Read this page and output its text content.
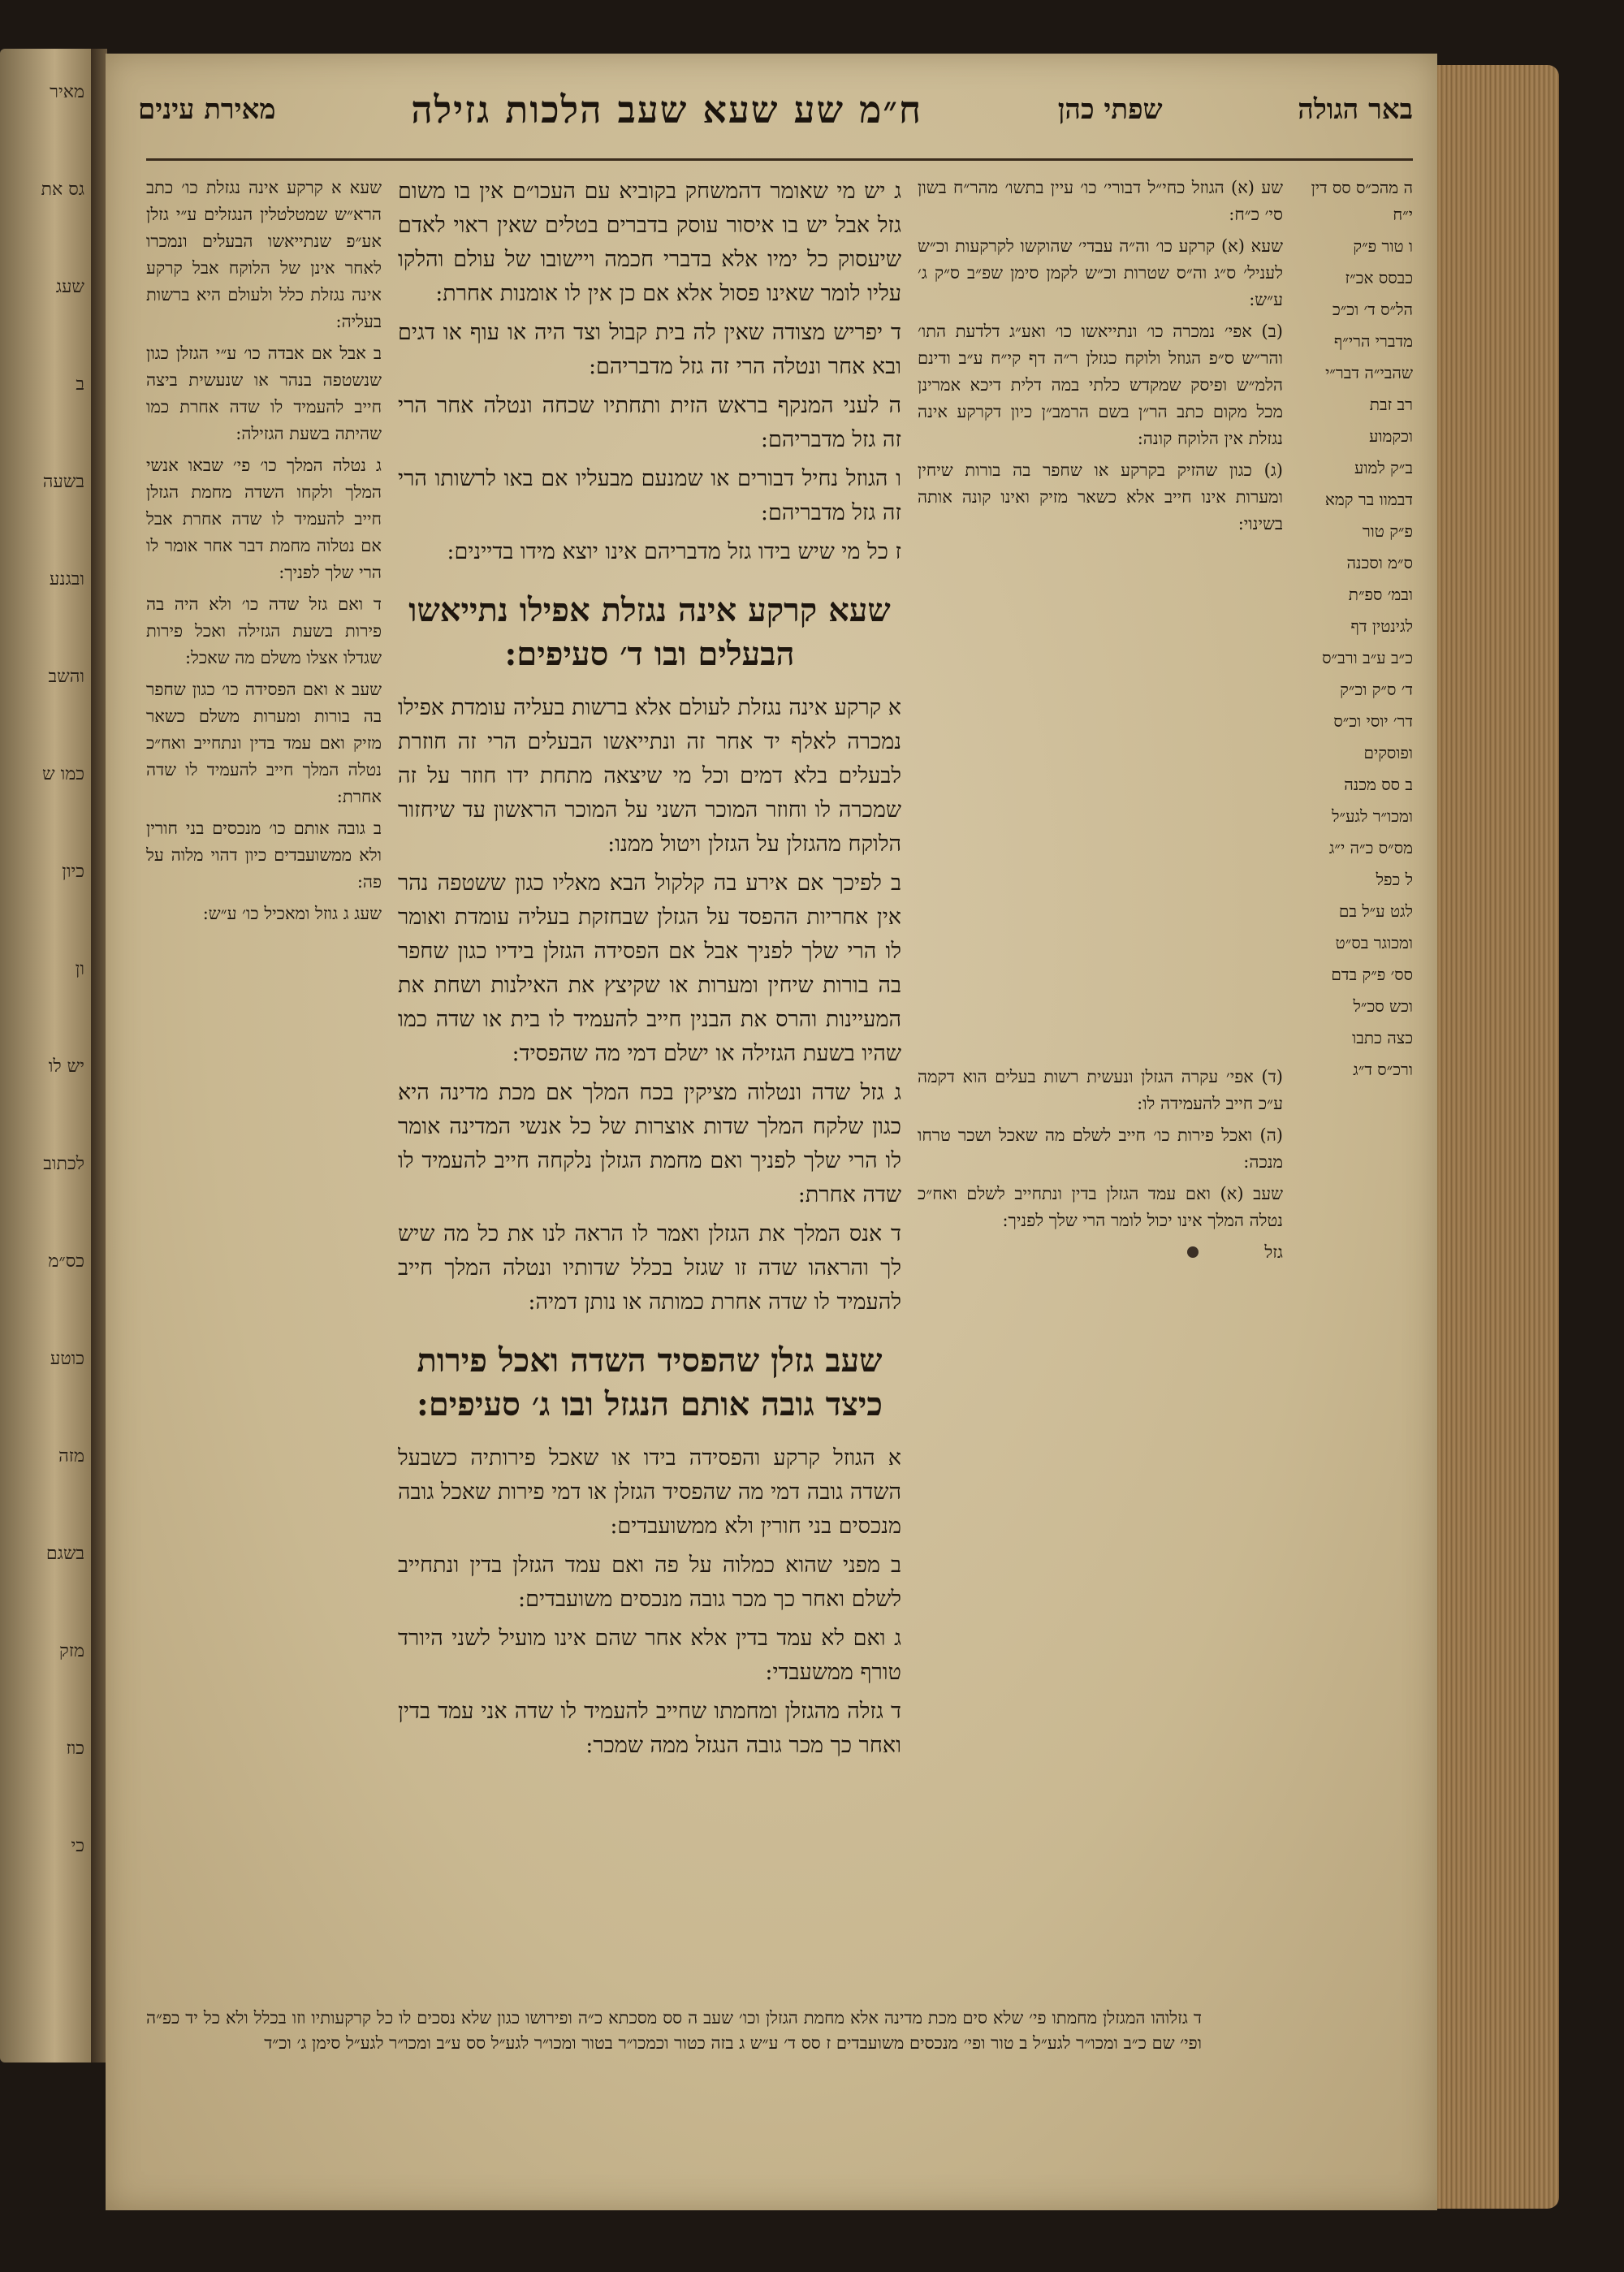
מאיר
גס את
שעג
ב
בשעה
ובגנע
והשב
כמו ש
כיון
ון
יש לו
לכתוב
כס״מ
כוטע
מזה
בשגם
מזק
כוז
כי
באר הגולה
שפתי כהן
ח״מ שע שעא שעב הלכות גזילה
מאירת עינים

ה מהכ״ס סס דין י״ח

ו טור פ״ק

כבסס אכ״ז

הל״ס ד׳ וכ״כ

מדברי הרי״ף

שהבי״ה דבר״י

רב זבת

וכקמוע

ב״ק למוע

דבמוו בר קמא

פ״ק טור

ס״מ וסכנה

ובמ׳ ספ״ת

לגינטין דף

כ״ב ע״ב ורב״ס

ד׳ ס״ק וכ״ק

דר׳ יוסי וכ״ס

ופוסקים

ב סס מכנה

ומכו״ר לגע״ל

מס״ס כ״ה י״ג

ל כפל

לגט ע״ל בם

ומכוגר בס״ט

סס׳ פ״ק בדם

וכש סכ״ל

כצה כתבו

ורכ״ס ד״ג

שע (א) הגוזל כחי״ל דבורי׳ כו׳ עיין בתשו׳ מהר״ח בשון סי׳ כ״ח:

שעא (א) קרקע כו׳ וה״ה עבדי׳ שהוקשו לקרקעות וכ״ש לעניל׳ ס״ג וה״ס שטרות וכ״ש לקמן סימן שפ״ב ס״ק ג׳ ע״ש:

(ב) אפי׳ נמכרה כו׳ ונתייאשו כו׳ ואע״ג דלדעת התו׳ והר״ש ס״פ הגוזל ולוקח כגזלן ר״ה דף קי״ח ע״ב ודינם הלמ״ש ופיסק שמקדש כלתי במה דלית דיכא אמרינן מכל מקום כתב הר״ן בשם הרמב״ן כיון דקרקע אינה נגזלת אין הלוקח קונה:

(ג) כגון שהזיק בקרקע או שחפר בה בורות שיחין ומערות אינו חייב אלא כשאר מזיק ואינו קונה אותה בשינוי:

שעא א קרקע אינה נגזלת כו׳ כתב הרא״ש שמטלטלין הנגזלים ע״י גזלן אע״פ שנתייאשו הבעלים ונמכרו לאחר אינן של הלוקח אבל קרקע אינה נגזלת כלל ולעולם היא ברשות בעליה:

ב אבל אם אבדה כו׳ ע״י הגזלן כגון שנשטפה בנהר או שנעשית ביצה חייב להעמיד לו שדה אחרת כמו שהיתה בשעת הגזילה:

ג נטלה המלך כו׳ פי׳ שבאו אנשי המלך ולקחו השדה מחמת הגזלן חייב להעמיד לו שדה אחרת אבל אם נטלוה מחמת דבר אחר אומר לו הרי שלך לפניך:

ד ואם גזל שדה כו׳ ולא היה בה פירות בשעת הגזילה ואכל פירות שגדלו אצלו משלם מה שאכל:

שעב א ואם הפסידה כו׳ כגון שחפר בה בורות ומערות משלם כשאר מזיק ואם עמד בדין ונתחייב ואח״כ נטלה המלך חייב להעמיד לו שדה אחרת:

ב גובה אותם כו׳ מנכסים בני חורין ולא ממשועבדים כיון דהוי מלוה על פה:

שעג ג גוזל ומאכיל כו׳ ע״ש:

ג יש מי שאומר דהמשחק בקוביא עם העכו״ם אין בו משום גזל אבל יש בו איסור עוסק בדברים בטלים שאין ראוי לאדם שיעסוק כל ימיו אלא בדברי חכמה ויישובו של עולם והלקו עליו לומר שאינו פסול אלא אם כן אין לו אומנות אחרת:

ד יפריש מצודה שאין לה בית קבול וצד היה או עוף או דגים ובא אחר ונטלה הרי זה גזל מדבריהם:

ה לעני המנקף בראש הזית ותחתיו שכחה ונטלה אחר הרי זה גזל מדבריהם:

ו הגוזל נחיל דבורים או שמנעם מבעליו אם באו לרשותו הרי זה גזל מדבריהם:

ז כל מי שיש בידו גזל מדבריהם אינו יוצא מידו בדיינים:

שעא קרקע אינה נגזלת אפילו נתייאשו הבעלים ובו ד׳ סעיפים:

א קרקע אינה נגזלת לעולם אלא ברשות בעליה עומדת אפילו נמכרה לאלף יד אחר זה ונתייאשו הבעלים הרי זה חוזרת לבעלים בלא דמים וכל מי שיצאה מתחת ידו חוזר על זה שמכרה לו וחוזר המוכר השני על המוכר הראשון עד שיחזור הלוקח מהגזלן על הגזלן ויטול ממנו:

ב לפיכך אם אירע בה קלקול הבא מאליו כגון ששטפה נהר אין אחריות ההפסד על הגזלן שבחזקת בעליה עומדת ואומר לו הרי שלך לפניך אבל אם הפסידה הגזלן בידיו כגון שחפר בה בורות שיחין ומערות או שקיצץ את האילנות ושחת את המעיינות והרס את הבנין חייב להעמיד לו בית או שדה כמו שהיו בשעת הגזילה או ישלם דמי מה שהפסיד:

ג גזל שדה ונטלוה מציקין בכח המלך אם מכת מדינה היא כגון שלקח המלך שדות אוצרות של כל אנשי המדינה אומר לו הרי שלך לפניך ואם מחמת הגזלן נלקחה חייב להעמיד לו שדה אחרת:

ד אנס המלך את הגזלן ואמר לו הראה לנו את כל מה שיש לך והראהו שדה זו שגזל בכלל שדותיו ונטלה המלך חייב להעמיד לו שדה אחרת כמותה או נותן דמיה:

שעב גזלן שהפסיד השדה ואכל פירות כיצד גובה אותם הנגזל ובו ג׳ סעיפים:

א הגוזל קרקע והפסידה בידו או שאכל פירותיה כשבעל השדה גובה דמי מה שהפסיד הגזלן או דמי פירות שאכל גובה מנכסים בני חורין ולא ממשועבדים:

ב מפני שהוא כמלוה על פה ואם עמד הגזלן בדין ונתחייב לשלם ואחר כך מכר גובה מנכסים משועבדים:

ג ואם לא עמד בדין אלא אחר שהם אינו מועיל לשני היורד טורף ממשעבדי:

ד גזלה מהגזלן ומחמתו שחייב להעמיד לו שדה אני עמד בדין ואחר כך מכר גובה הנגזל ממה שמכר:

(ד) אפי׳ עקרה הגזלן ונעשית רשות בעלים הוא דקמה ע״כ חייב להעמידה לו:

(ה) ואכל פירות כו׳ חייב לשלם מה שאכל ושכר טרחו מנכה:

שעב (א) ואם עמד הגזלן בדין ונתחייב לשלם ואח״כ נטלה המלך אינו יכול לומר הרי שלך לפניך:

גזל

ד גזלוהו המגזלן מחמתו פי׳ שלא סים מכת מדינה אלא מחמת הגזלן וכו׳ שעב ה סס מסכתא כ״ה ופירושו כגון שלא נסכים לו כל קרקעותיו וזו בכלל ולא כל יד כפ״ה ופי׳ שם כ״ב ומכו״ר לגע״ל ב טור ופי׳ מנכסים משועבדים ז סס ד׳ ע״ש ג בזה כטור וכמכו״ר בטור ומכו״ר לגע״ל סס ע״ב ומכו״ר לגע״ל סימן ג׳ וכ״ד
